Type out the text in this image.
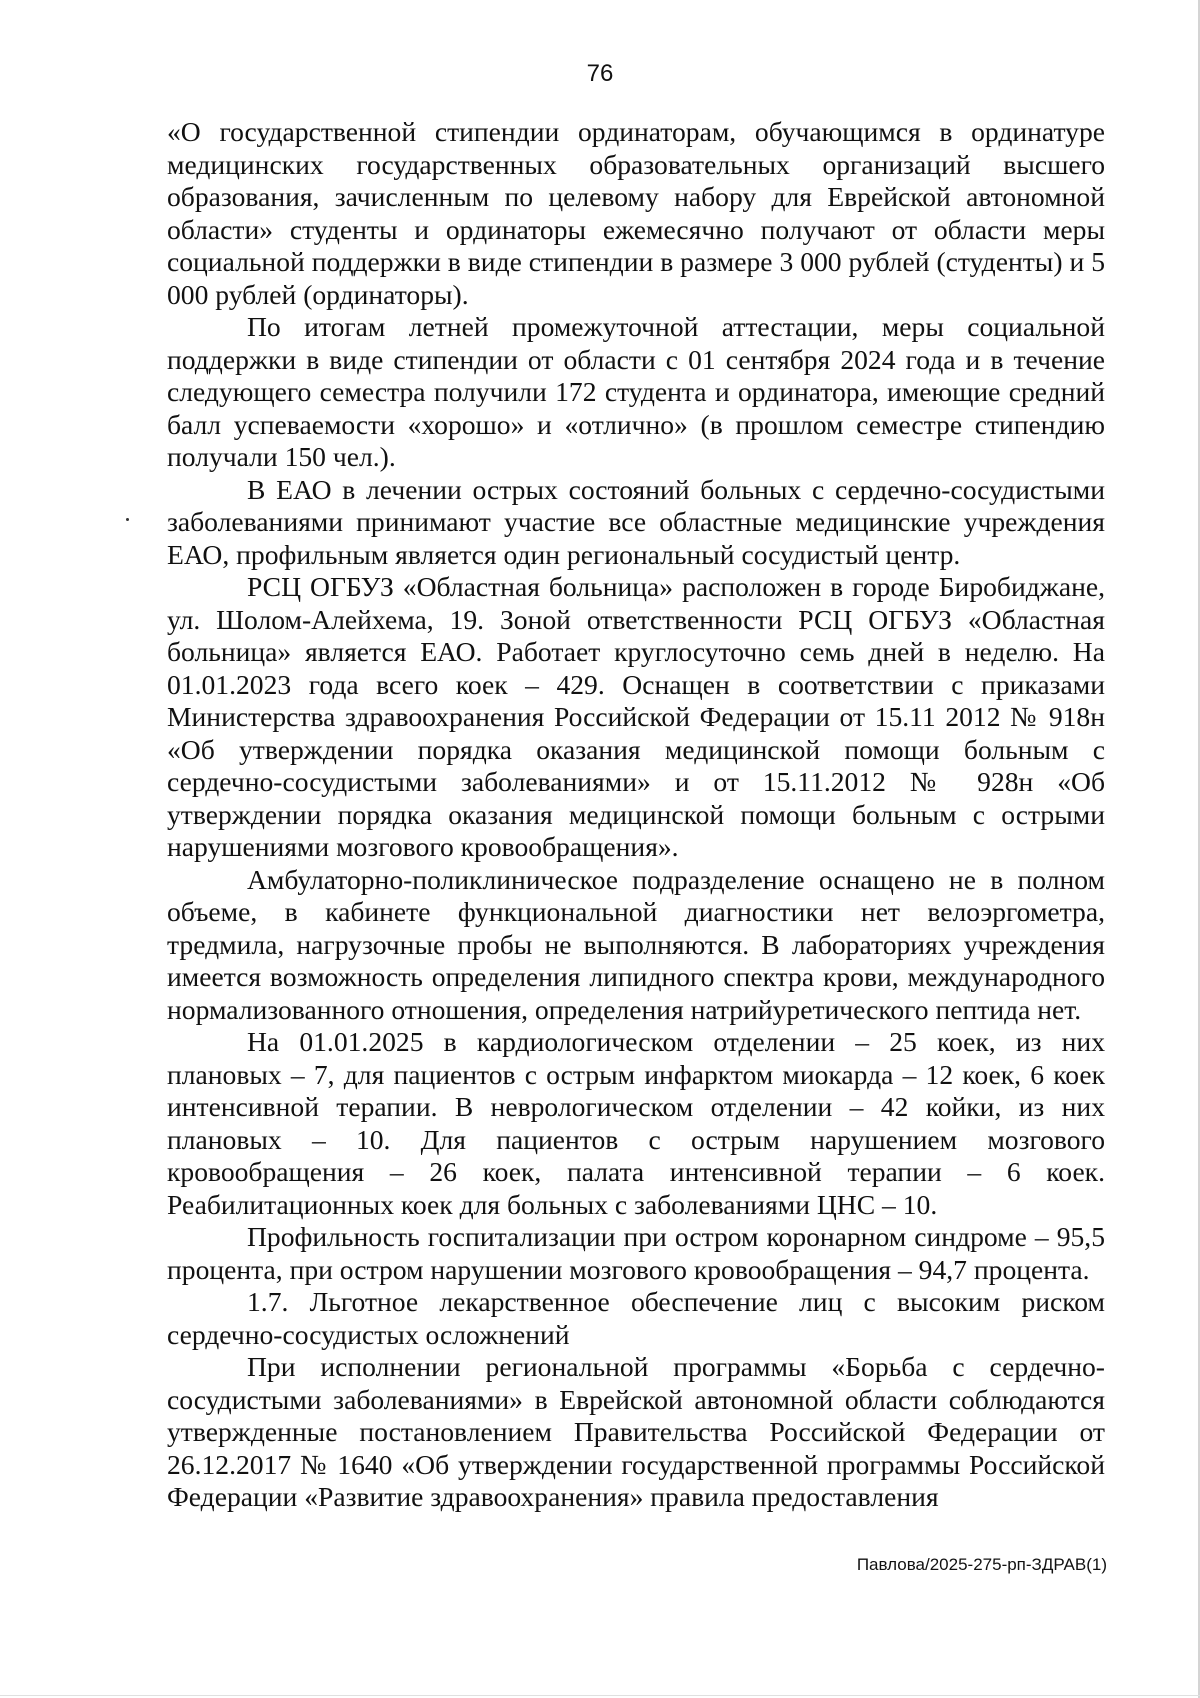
76

«О государственной стипендии ординаторам, обучающимся в ординатуре медицинских государственных образовательных организаций высшего образования, зачисленным по целевому набору для Еврейской автономной области» студенты и ординаторы ежемесячно получают от области меры социальной поддержки в виде стипендии в размере 3 000 рублей (студенты) и 5 000 рублей (ординаторы).

По итогам летней промежуточной аттестации, меры социальной поддержки в виде стипендии от области с 01 сентября 2024 года и в течение следующего семестра получили 172 студента и ординатора, имеющие средний балл успеваемости «хорошо» и «отлично» (в прошлом семестре стипендию получали 150 чел.).

В ЕАО в лечении острых состояний больных с сердечно-сосудистыми заболеваниями принимают участие все областные медицинские учреждения ЕАО, профильным является один региональный сосудистый центр.

РСЦ ОГБУЗ «Областная больница» расположен в городе Биробиджане, ул. Шолом-Алейхема, 19. Зоной ответственности РСЦ ОГБУЗ «Областная больница» является ЕАО. Работает круглосуточно семь дней в неделю. На 01.01.2023 года всего коек – 429. Оснащен в соответствии с приказами Министерства здравоохранения Российской Федерации от 15.11 2012 № 918н «Об утверждении порядка оказания медицинской помощи больным с сердечно-сосудистыми заболеваниями» и от 15.11.2012 № 928н «Об утверждении порядка оказания медицинской помощи больным с острыми нарушениями мозгового кровообращения».

Амбулаторно-поликлиническое подразделение оснащено не в полном объеме, в кабинете функциональной диагностики нет велоэргометра, тредмила, нагрузочные пробы не выполняются. В лабораториях учреждения имеется возможность определения липидного спектра крови, международного нормализованного отношения, определения натрийуретического пептида нет.

На 01.01.2025 в кардиологическом отделении – 25 коек, из них плановых – 7, для пациентов с острым инфарктом миокарда – 12 коек, 6 коек интенсивной терапии. В неврологическом отделении – 42 койки, из них плановых – 10. Для пациентов с острым нарушением мозгового кровообращения – 26 коек, палата интенсивной терапии – 6 коек. Реабилитационных коек для больных с заболеваниями ЦНС – 10.

Профильность госпитализации при остром коронарном синдроме – 95,5 процента, при остром нарушении мозгового кровообращения – 94,7 процента.

1.7. Льготное лекарственное обеспечение лиц с высоким риском сердечно-сосудистых осложнений

При исполнении региональной программы «Борьба с сердечно-сосудистыми заболеваниями» в Еврейской автономной области соблюдаются утвержденные постановлением Правительства Российской Федерации от 26.12.2017 № 1640 «Об утверждении государственной программы Российской Федерации «Развитие здравоохранения» правила предоставления

Павлова/2025-275-рп-ЗДРАВ(1)
